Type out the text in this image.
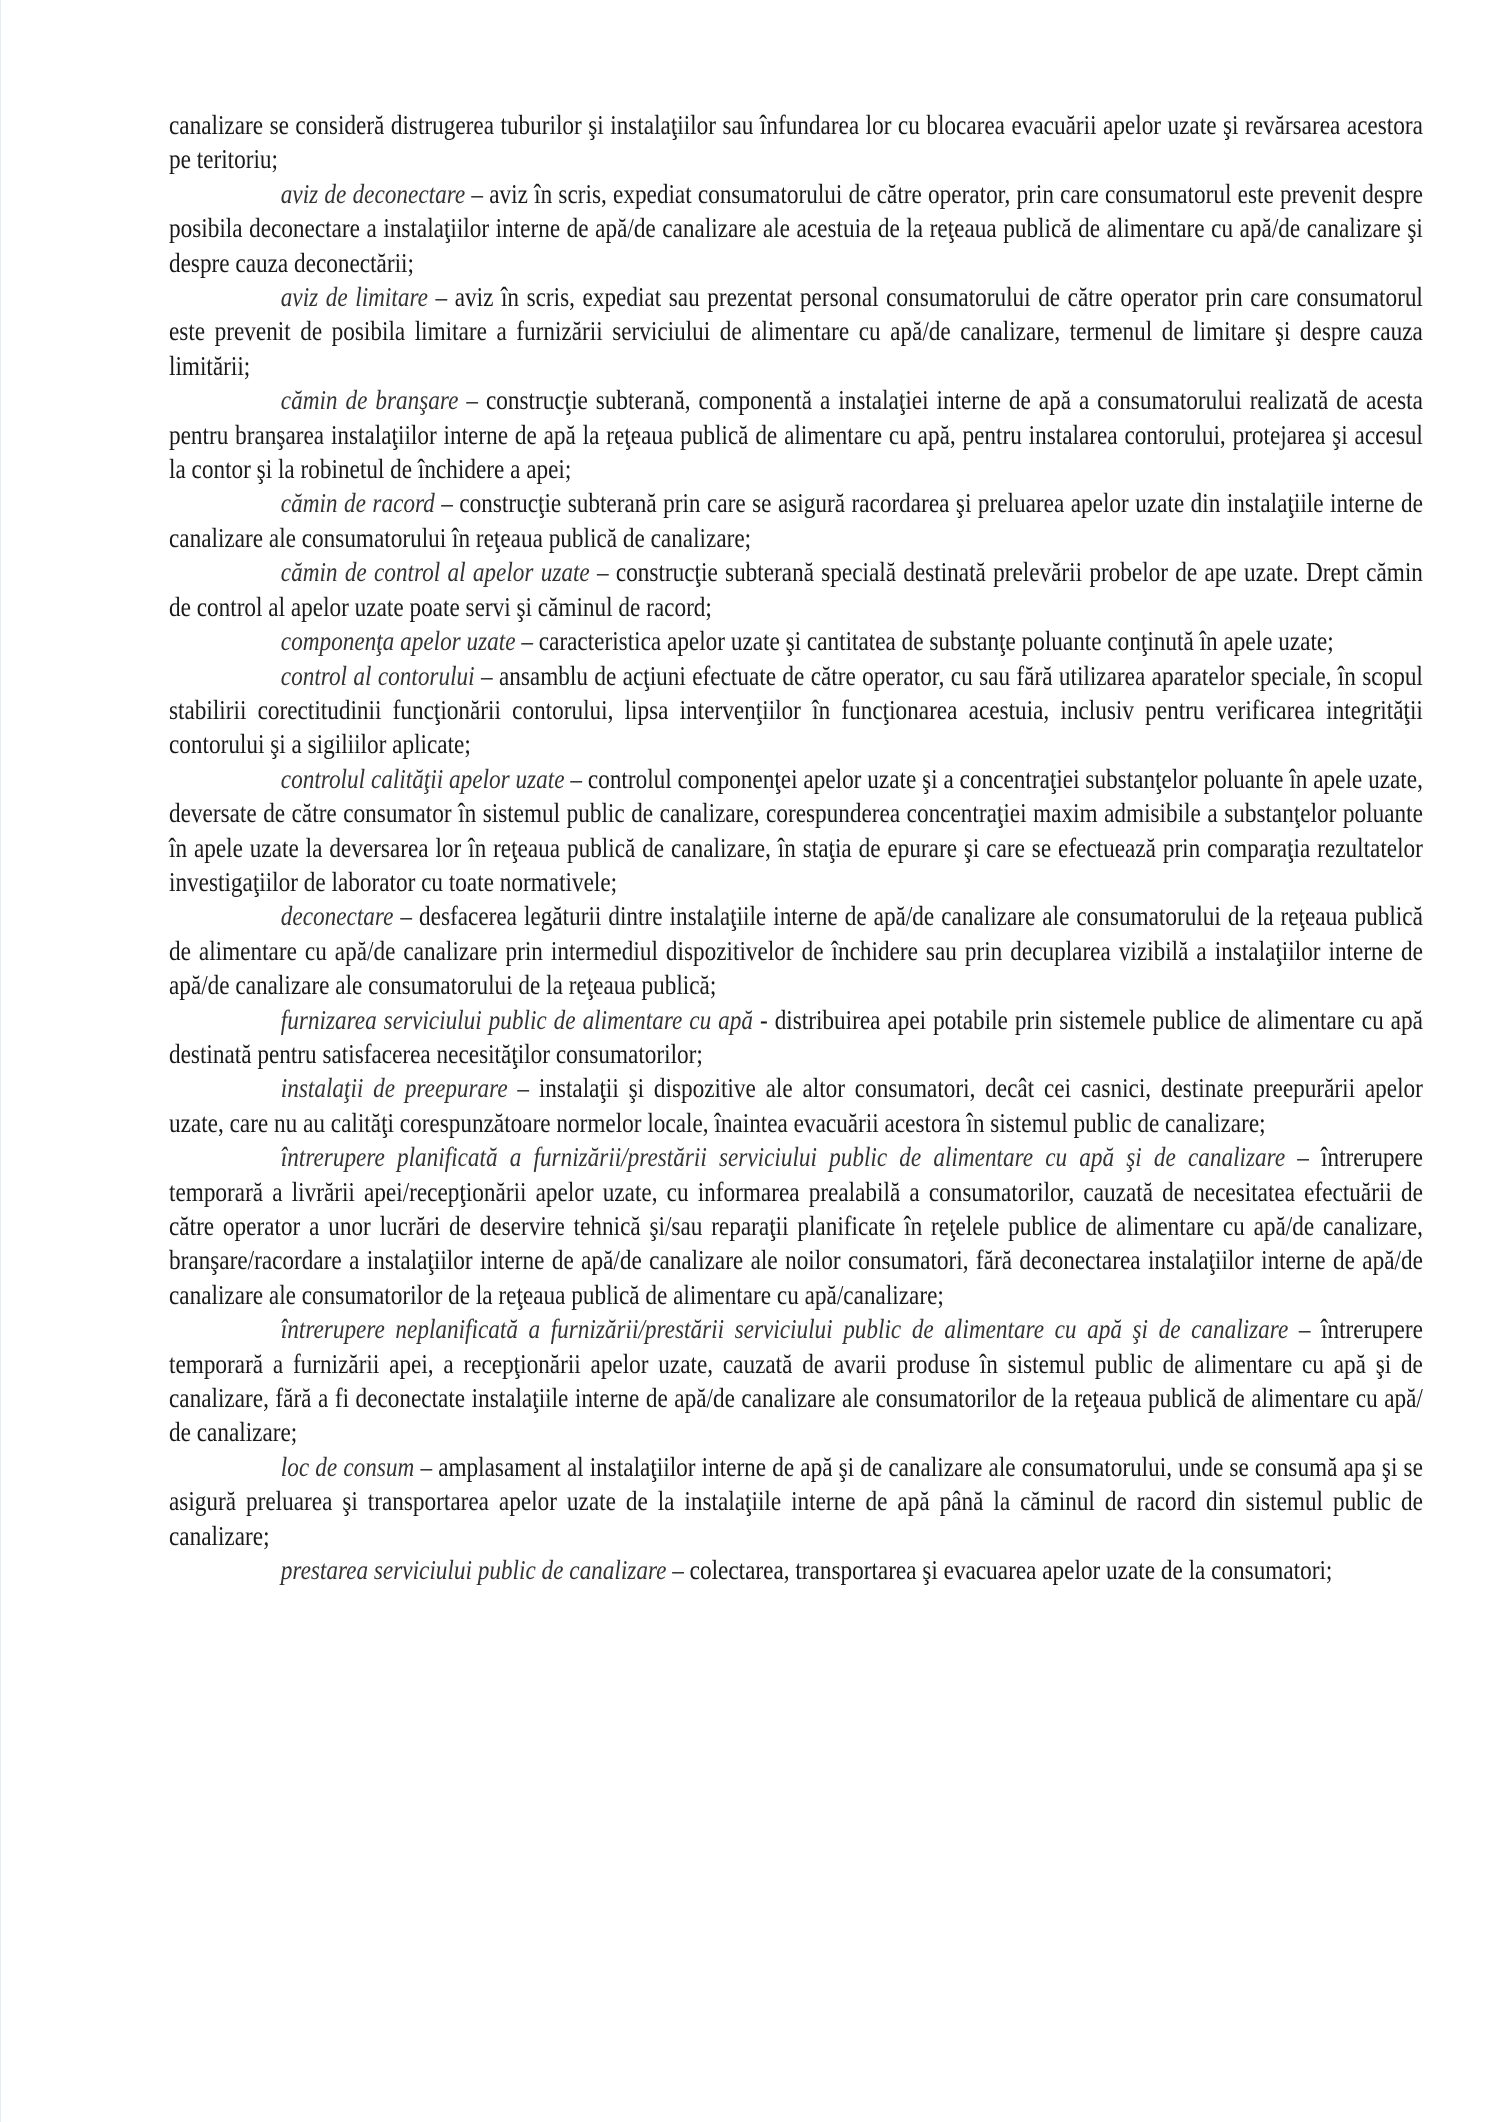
canalizare se consideră distrugerea tuburilor şi instalaţiilor sau înfundarea lor cu blocarea evacuării apelor uzate şi revărsarea acestora pe teritoriu;

aviz de deconectare – aviz în scris, expediat consumatorului de către operator, prin care consumatorul este prevenit despre posibila deconectare a instalaţiilor interne de apă/de canalizare ale acestuia de la reţeaua publică de alimentare cu apă/de canalizare şi despre cauza deconectării;

aviz de limitare – aviz în scris, expediat sau prezentat personal consumatorului de către operator prin care consumatorul este prevenit de posibila limitare a furnizării serviciului de alimentare cu apă/de canalizare, termenul de limitare şi despre cauza limitării;

cămin de branşare – construcţie subterană, componentă a instalaţiei interne de apă a consumatorului realizată de acesta pentru branşarea instalaţiilor interne de apă la reţeaua publică de alimentare cu apă, pentru instalarea contorului, protejarea şi accesul la contor şi la robinetul de închidere a apei;

cămin de racord – construcţie subterană prin care se asigură racordarea şi preluarea apelor uzate din instalaţiile interne de canalizare ale consumatorului în reţeaua publică de canalizare;

cămin de control al apelor uzate – construcţie subterană specială destinată prelevării probelor de ape uzate. Drept cămin de control al apelor uzate poate servi şi căminul de racord;

componenţa apelor uzate – caracteristica apelor uzate şi cantitatea de substanţe poluante conţinută în apele uzate;

control al contorului – ansamblu de acţiuni efectuate de către operator, cu sau fără utilizarea aparatelor speciale, în scopul stabilirii corectitudinii funcţionării contorului, lipsa intervenţiilor în funcţionarea acestuia, inclusiv pentru verificarea integrităţii contorului şi a sigiliilor aplicate;

controlul calităţii apelor uzate – controlul componenţei apelor uzate şi a concentraţiei substanţelor poluante în apele uzate, deversate de către consumator în sistemul public de canalizare, corespunderea concentraţiei maxim admisibile a substanţelor poluante în apele uzate la deversarea lor în reţeaua publică de canalizare, în staţia de epurare şi care se efectuează prin comparaţia rezultatelor investigaţiilor de laborator cu toate normativele;

deconectare – desfacerea legăturii dintre instalaţiile interne de apă/de canalizare ale consumatorului de la reţeaua publică de alimentare cu apă/de canalizare prin intermediul dispozitivelor de închidere sau prin decuplarea vizibilă a instalaţiilor interne de apă/de canalizare ale consumatorului de la reţeaua publică;

furnizarea serviciului public de alimentare cu apă - distribuirea apei potabile prin sistemele publice de alimentare cu apă destinată pentru satisfacerea necesităţilor consumatorilor;

instalaţii de preepurare – instalaţii şi dispozitive ale altor consumatori, decât cei casnici, destinate preepurării apelor uzate, care nu au calităţi corespunzătoare normelor locale, înaintea evacuării acestora în sistemul public de canalizare;

întrerupere planificată a furnizării/prestării serviciului public de alimentare cu apă şi de canalizare – întrerupere temporară a livrării apei/recepţionării apelor uzate, cu informarea prealabilă a consumatorilor, cauzată de necesitatea efectuării de către operator a unor lucrări de deservire tehnică şi/sau reparaţii planificate în reţelele publice de alimentare cu apă/de canalizare, branşare/racordare a instalaţiilor interne de apă/de canalizare ale noilor consumatori, fără deconectarea instalaţiilor interne de apă/de canalizare ale consumatorilor de la reţeaua publică de alimentare cu apă/canalizare;

întrerupere neplanificată a furnizării/prestării serviciului public de alimentare cu apă şi de canalizare – întrerupere temporară a furnizării apei, a recepţionării apelor uzate, cauzată de avarii produse în sistemul public de alimentare cu apă şi de canalizare, fără a fi deconectate instalaţiile interne de apă/de canalizare ale consumatorilor de la reţeaua publică de alimentare cu apă/ de canalizare;

loc de consum – amplasament al instalaţiilor interne de apă şi de canalizare ale consumatorului, unde se consumă apa şi se asigură preluarea şi transportarea apelor uzate de la instalaţiile interne de apă până la căminul de racord din sistemul public de canalizare;

prestarea serviciului public de canalizare – colectarea, transportarea şi evacuarea apelor uzate de la consumatori;
